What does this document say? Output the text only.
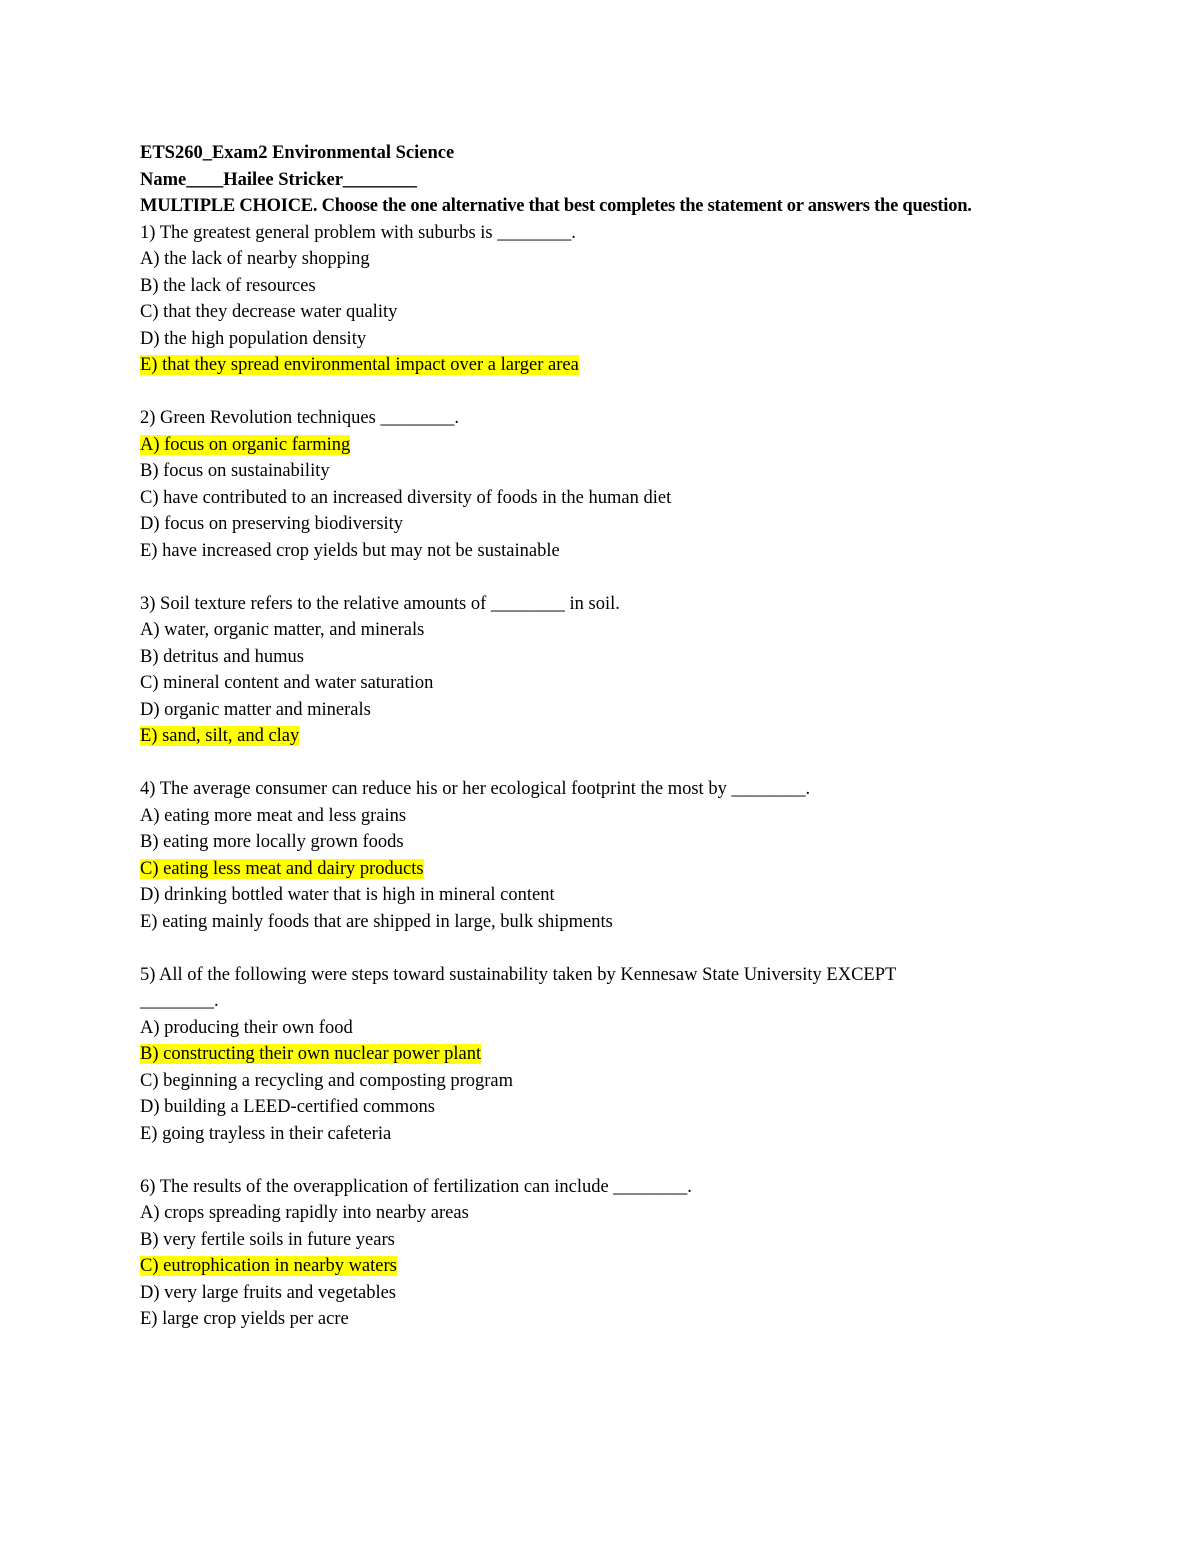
ETS260_Exam2 Environmental Science
Name____Hailee Stricker________
MULTIPLE CHOICE. Choose the one alternative that best completes the statement or answers the question.
1) The greatest general problem with suburbs is ________.
A) the lack of nearby shopping
B) the lack of resources
C) that they decrease water quality
D) the high population density
E) that they spread environmental impact over a larger area
2) Green Revolution techniques ________.
A) focus on organic farming
B) focus on sustainability
C) have contributed to an increased diversity of foods in the human diet
D) focus on preserving biodiversity
E) have increased crop yields but may not be sustainable
3) Soil texture refers to the relative amounts of ________ in soil.
A) water, organic matter, and minerals
B) detritus and humus
C) mineral content and water saturation
D) organic matter and minerals
E) sand, silt, and clay
4) The average consumer can reduce his or her ecological footprint the most by ________.
A) eating more meat and less grains
B) eating more locally grown foods
C) eating less meat and dairy products
D) drinking bottled water that is high in mineral content
E) eating mainly foods that are shipped in large, bulk shipments
5) All of the following were steps toward sustainability taken by Kennesaw State University EXCEPT
________.
A) producing their own food
B) constructing their own nuclear power plant
C) beginning a recycling and composting program
D) building a LEED-certified commons
E) going trayless in their cafeteria
6) The results of the overapplication of fertilization can include ________.
A) crops spreading rapidly into nearby areas
B) very fertile soils in future years
C) eutrophication in nearby waters
D) very large fruits and vegetables
E) large crop yields per acre
